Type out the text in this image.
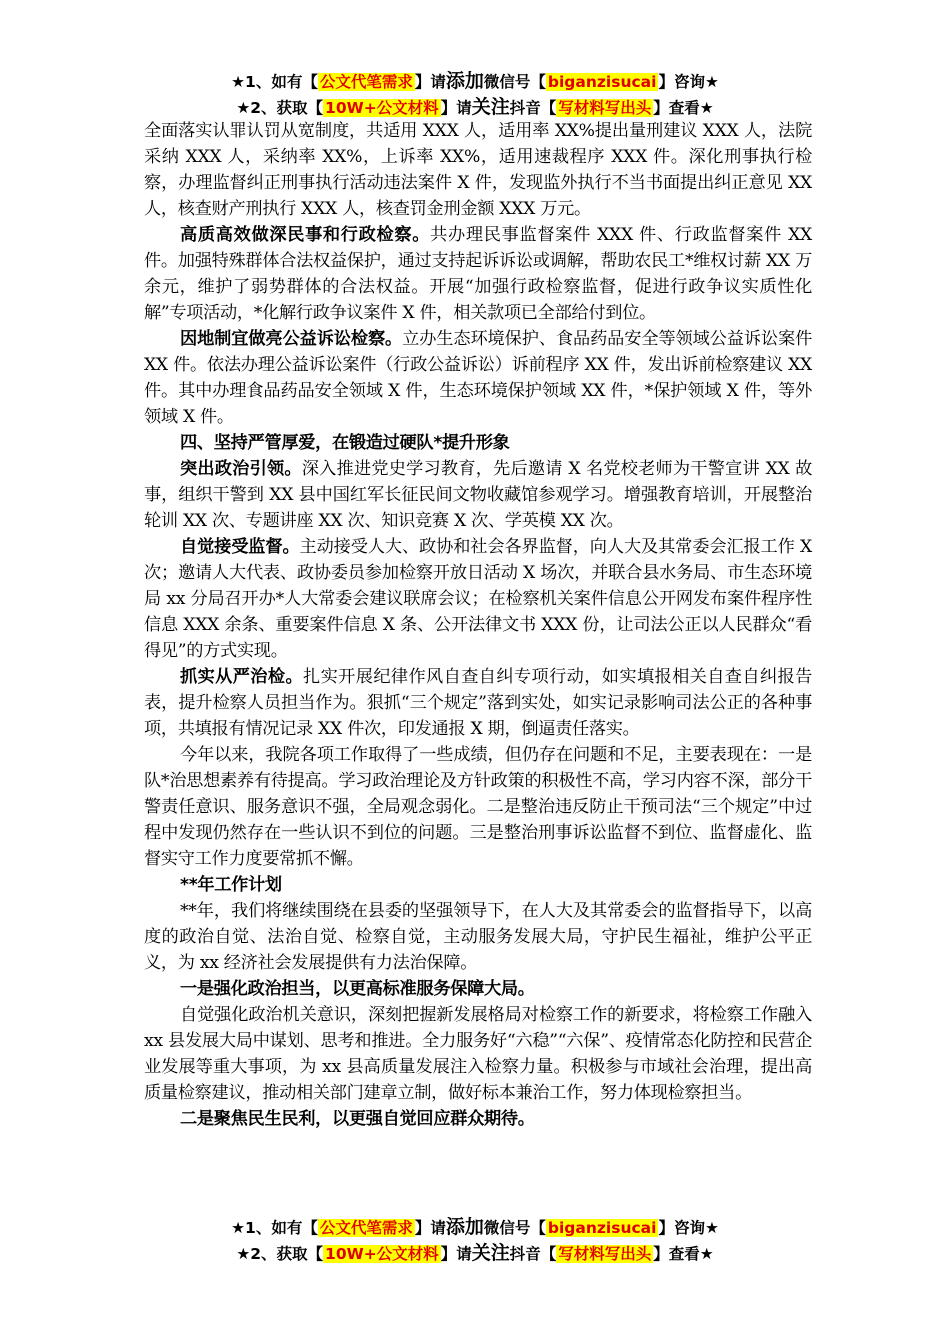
★1、如有【 公文代笔需求 】请添加微信号【 biganzisucai 】咨询★
★2、获取【 10W+公文材料 】请关注抖音【 写材料写出头 】查看★

全面落实认罪认罚从宽制度，共适用 XXX 人，适用率 XX%提出量刑建议 XXX 人，法院采纳 XXX 人，采纳率 XX%，上诉率 XX%，适用速裁程序 XXX 件。深化刑事执行检察，办理监督纠正刑事执行活动违法案件 X 件，发现监外执行不当书面提出纠正意见 XX 人，核查财产刑执行 XXX 人，核查罚金刑金额 XXX 万元。

高质高效做深民事和行政检察。共办理民事监督案件 XXX 件、行政监督案件 XX 件。加强特殊群体合法权益保护，通过支持起诉诉讼或调解，帮助农民工*维权讨薪 XX 万余元，维护了弱势群体的合法权益。开展“加强行政检察监督，促进行政争议实质性化解”专项活动，*化解行政争议案件 X 件，相关款项已全部给付到位。

因地制宜做亮公益诉讼检察。立办生态环境保护、食品药品安全等领域公益诉讼案件 XX 件。依法办理公益诉讼案件（行政公益诉讼）诉前程序 XX 件，发出诉前检察建议 XX 件。其中办理食品药品安全领域 X 件，生态环境保护领域 XX 件，*保护领域 X 件，等外领域 X 件。

四、坚持严管厚爱，在锻造过硬队*提升形象

突出政治引领。深入推进党史学习教育，先后邀请 X 名党校老师为干警宣讲 XX 故事，组织干警到 XX 县中国红军长征民间文物收藏馆参观学习。增强教育培训，开展整治轮训 XX 次、专题讲座 XX 次、知识竞赛 X 次、学英模 XX 次。

自觉接受监督。主动接受人大、政协和社会各界监督，向人大及其常委会汇报工作 X 次；邀请人大代表、政协委员参加检察开放日活动 X 场次，并联合县水务局、市生态环境局 xx 分局召开办*人大常委会建议联席会议；在检察机关案件信息公开网发布案件程序性信息 XXX 余条、重要案件信息 X 条、公开法律文书 XXX 份，让司法公正以人民群众“看得见”的方式实现。

抓实从严治检。扎实开展纪律作风自查自纠专项行动，如实填报相关自查自纠报告表，提升检察人员担当作为。狠抓“三个规定”落到实处，如实记录影响司法公正的各种事项，共填报有情况记录 XX 件次，印发通报 X 期，倒逼责任落实。

今年以来，我院各项工作取得了一些成绩，但仍存在问题和不足，主要表现在：一是队*治思想素养有待提高。学习政治理论及方针政策的积极性不高，学习内容不深，部分干警责任意识、服务意识不强，全局观念弱化。二是整治违反防止干预司法“三个规定”中过程中发现仍然存在一些认识不到位的问题。三是整治刑事诉讼监督不到位、监督虚化、监督实守工作力度要常抓不懈。

**年工作计划

**年，我们将继续围绕在县委的坚强领导下，在人大及其常委会的监督指导下，以高度的政治自觉、法治自觉、检察自觉，主动服务发展大局，守护民生福祉，维护公平正义，为 xx 经济社会发展提供有力法治保障。

一是强化政治担当，以更高标准服务保障大局。

自觉强化政治机关意识，深刻把握新发展格局对检察工作的新要求，将检察工作融入 xx 县发展大局中谋划、思考和推进。全力服务好“六稳”“六保”、疫情常态化防控和民营企业发展等重大事项，为 xx 县高质量发展注入检察力量。积极参与市域社会治理，提出高质量检察建议，推动相关部门建章立制，做好标本兼治工作，努力体现检察担当。

二是聚焦民生民利，以更强自觉回应群众期待。

★1、如有【 公文代笔需求 】请添加微信号【 biganzisucai 】咨询★
★2、获取【 10W+公文材料 】请关注抖音【 写材料写出头 】查看★
